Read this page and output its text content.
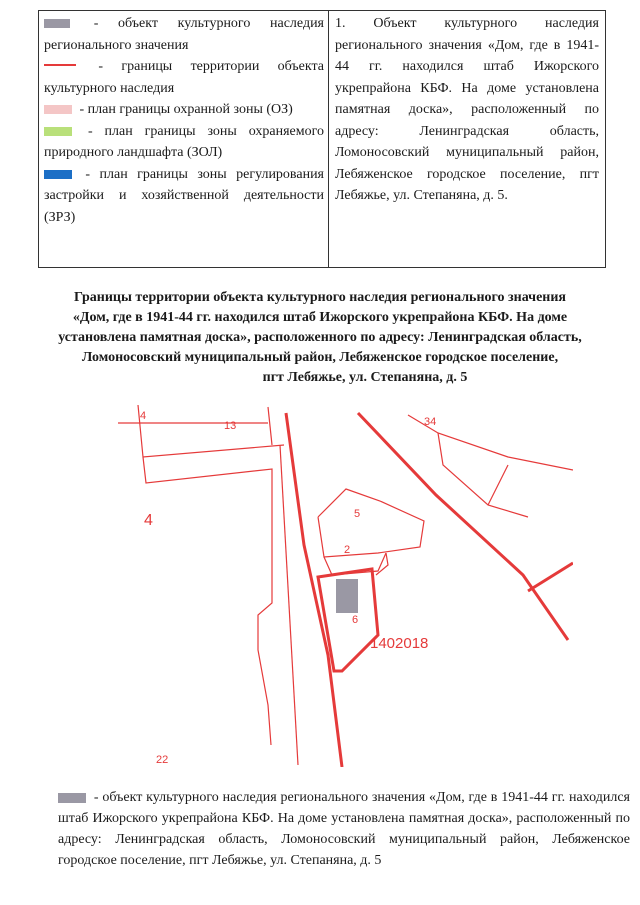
- объект культурного наследия регионального значения
- границы территории объекта культурного наследия
- план границы охранной зоны (ОЗ)
- план границы зоны охраняемого природного ландшафта (ЗОЛ)
- план границы зоны регулирования застройки и хозяйственной деятельности (ЗРЗ)
1. Объект культурного наследия регионального значения «Дом, где в 1941-44 гг. находился штаб Ижорского укрепрайона КБФ. На доме установлена памятная доска», расположенный по адресу: Ленинградская область, Ломоносовский муниципальный район, Лебяженское городское поселение, пгт Лебяжье, ул. Степаняна, д. 5.
Границы территории объекта культурного наследия регионального значения
«Дом, где в 1941-44 гг. находился штаб Ижорского укрепрайона КБФ. На доме
установлена памятная доска», расположенного по адресу: Ленинградская область,
Ломоносовский муниципальный район, Лебяженское городское поселение,
пгт Лебяжье, ул. Степаняна, д. 5
4
13	34
5
2
6
22
4
1402018
- объект культурного наследия регионального значения «Дом, где в 1941-44 гг. находился штаб Ижорского укрепрайона КБФ. На доме установлена памятная доска», расположенный по адресу: Ленинградская область, Ломоносовский муниципальный район, Лебяженское городское поселение, пгт Лебяжье, ул. Степаняна, д. 5
